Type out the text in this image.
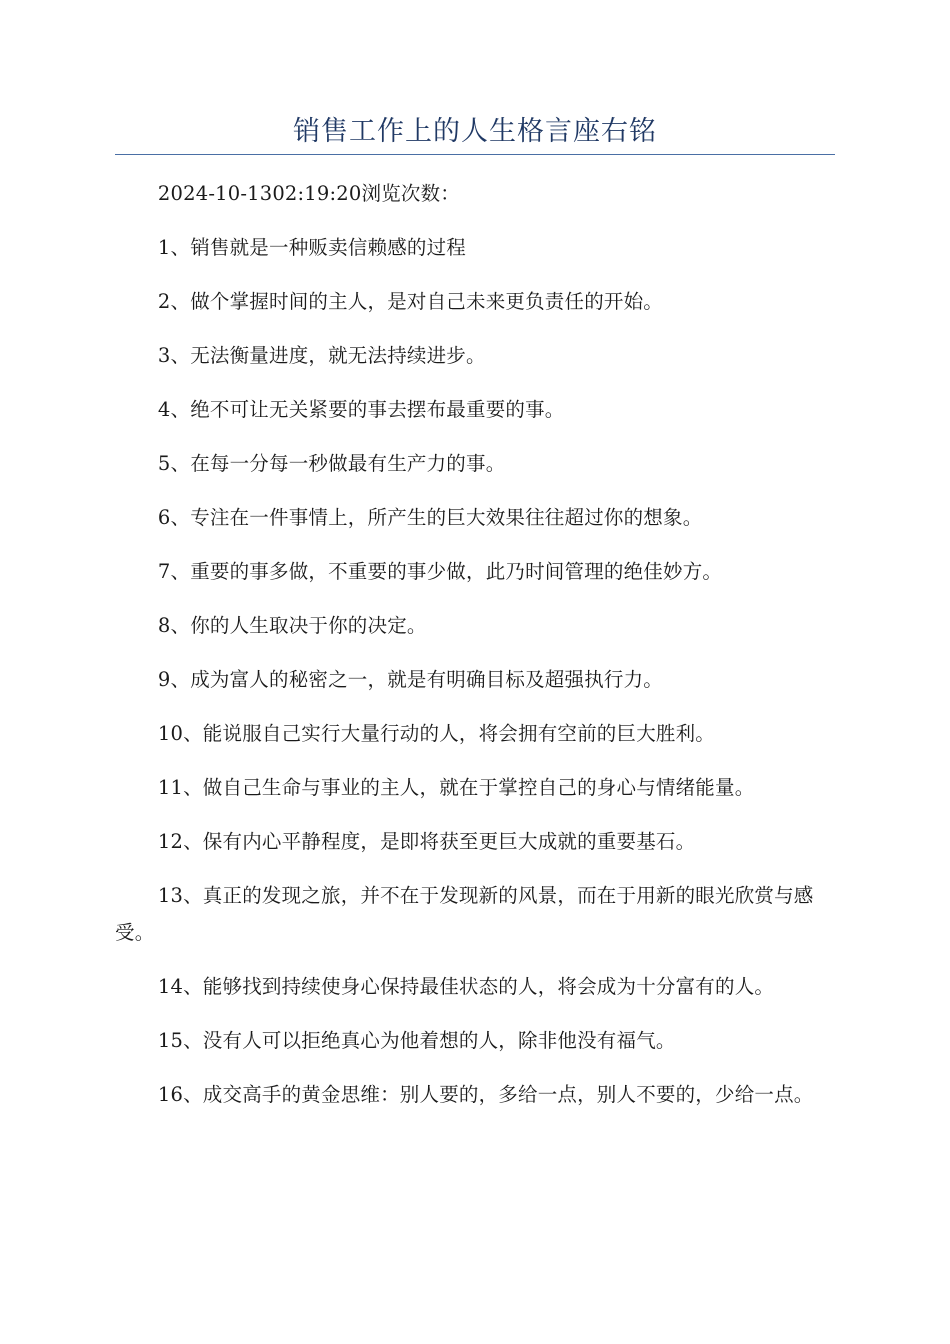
销售工作上的人生格言座右铭

2024-10-1302:19:20浏览次数：

1、销售就是一种贩卖信赖感的过程

2、做个掌握时间的主人，是对自己未来更负责任的开始。

3、无法衡量进度，就无法持续进步。

4、绝不可让无关紧要的事去摆布最重要的事。

5、在每一分每一秒做最有生产力的事。

6、专注在一件事情上，所产生的巨大效果往往超过你的想象。

7、重要的事多做，不重要的事少做，此乃时间管理的绝佳妙方。

8、你的人生取决于你的决定。

9、成为富人的秘密之一，就是有明确目标及超强执行力。

10、能说服自己实行大量行动的人，将会拥有空前的巨大胜利。

11、做自己生命与事业的主人，就在于掌控自己的身心与情绪能量。

12、保有内心平静程度，是即将获至更巨大成就的重要基石。

13、真正的发现之旅，并不在于发现新的风景，而在于用新的眼光欣赏与感受。

14、能够找到持续使身心保持最佳状态的人，将会成为十分富有的人。

15、没有人可以拒绝真心为他着想的人，除非他没有福气。

16、成交高手的黄金思维：别人要的，多给一点，别人不要的，少给一点。
